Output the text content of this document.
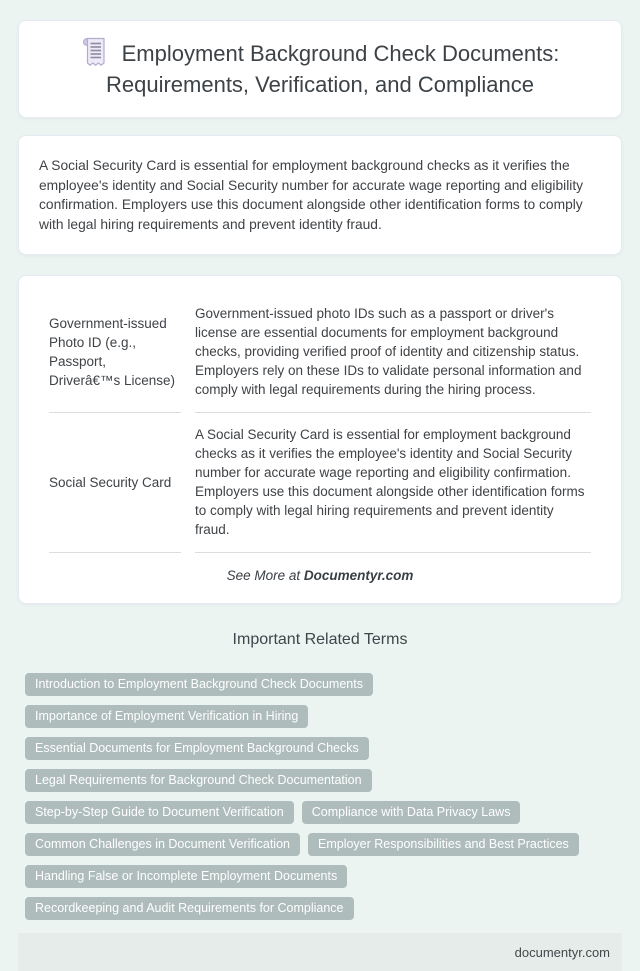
Employment Background Check Documents: Requirements, Verification, and Compliance

A Social Security Card is essential for employment background checks as it verifies the employee's identity and Social Security number for accurate wage reporting and eligibility confirmation. Employers use this document alongside other identification forms to comply with legal hiring requirements and prevent identity fraud.

Government-issued Photo ID (e.g., Passport, Driverâ€™s License)	Government-issued photo IDs such as a passport or driver's license are essential documents for employment background checks, providing verified proof of identity and citizenship status. Employers rely on these IDs to validate personal information and comply with legal requirements during the hiring process.
Social Security Card	A Social Security Card is essential for employment background checks as it verifies the employee's identity and Social Security number for accurate wage reporting and eligibility confirmation. Employers use this document alongside other identification forms to comply with legal hiring requirements and prevent identity fraud.
See More at Documentyr.com
Important Related Terms
Introduction to Employment Background Check Documents
Importance of Employment Verification in Hiring
Essential Documents for Employment Background Checks
Legal Requirements for Background Check Documentation
Step-by-Step Guide to Document Verification	Compliance with Data Privacy Laws
Common Challenges in Document Verification	Employer Responsibilities and Best Practices
Handling False or Incomplete Employment Documents
Recordkeeping and Audit Requirements for Compliance
documentyr.com
